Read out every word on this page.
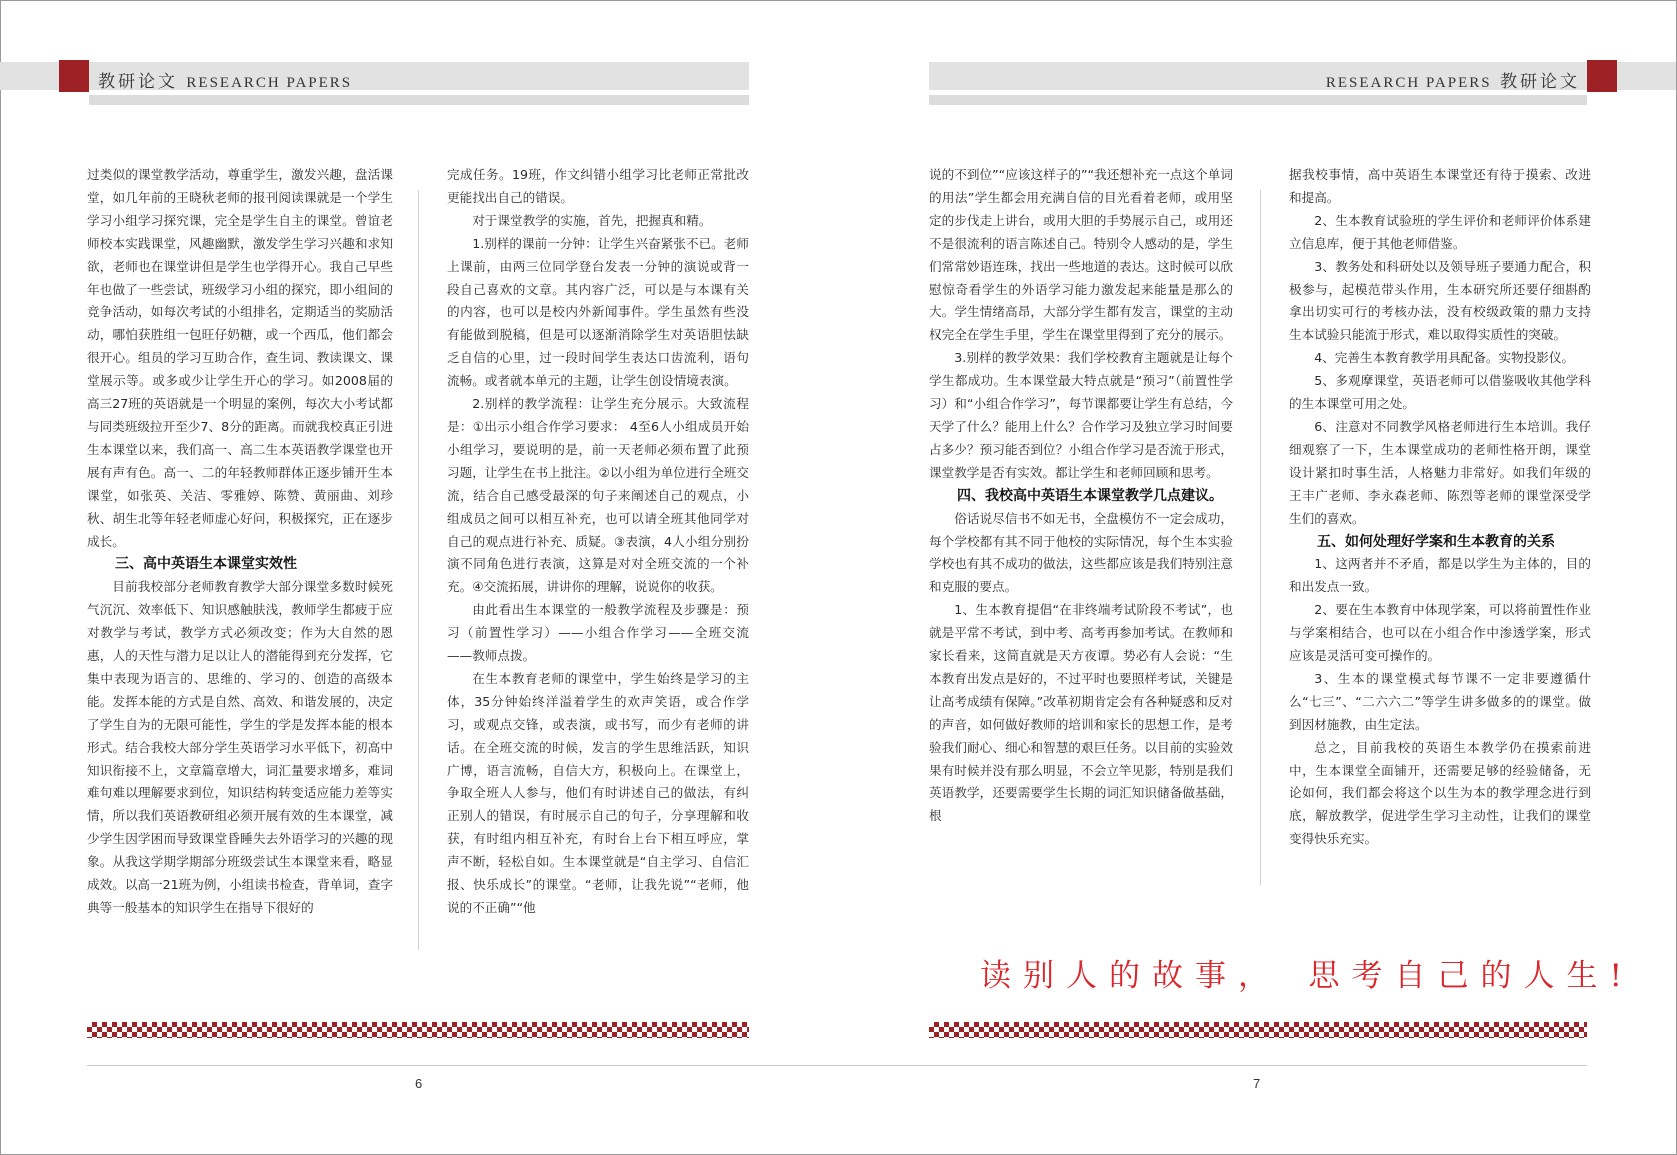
教研论文 RESEARCH PAPERS	RESEARCH PAPERS 教研论文

过类似的课堂教学活动，尊重学生，激发兴趣，盘活课堂，如几年前的王晓秋老师的报刊阅读课就是一个学生学习小组学习探究课，完全是学生自主的课堂。曾谊老师校本实践课堂，风趣幽默，激发学生学习兴趣和求知欲，老师也在课堂讲但是学生也学得开心。我自己早些年也做了一些尝试，班级学习小组的探究，即小组间的竞争活动，如每次考试的小组排名，定期适当的奖励活动，哪怕获胜组一包旺仔奶糖，或一个西瓜，他们都会很开心。组员的学习互助合作，查生词、教读课文、课堂展示等。或多或少让学生开心的学习。如2008届的高三27班的英语就是一个明显的案例，每次大小考试都与同类班级拉开至少7、8分的距离。而就我校真正引进生本课堂以来，我们高一、高二生本英语教学课堂也开展有声有色。高一、二的年轻教师群体正逐步铺开生本课堂，如张英、关洁、零雅婷、陈赞、黄丽曲、刘珍秋、胡生北等年轻老师虚心好问，积极探究，正在逐步成长。

三、高中英语生本课堂实效性

目前我校部分老师教育教学大部分课堂多数时候死气沉沉、效率低下、知识感触肤浅，教师学生都疲于应对教学与考试，教学方式必须改变；作为大自然的恩惠，人的天性与潜力足以让人的潜能得到充分发挥，它集中表现为语言的、思维的、学习的、创造的高级本能。发挥本能的方式是自然、高效、和谐发展的，决定了学生自为的无限可能性，学生的学是发挥本能的根本形式。结合我校大部分学生英语学习水平低下，初高中知识衔接不上，文章篇章增大，词汇量要求增多，难词难句难以理解要求到位，知识结构转变适应能力差等实情，所以我们英语教研组必须开展有效的生本课堂，减少学生因学困而导致课堂昏睡失去外语学习的兴趣的现象。从我这学期学期部分班级尝试生本课堂来看，略显成效。以高一21班为例，小组读书检查，背单词，查字典等一般基本的知识学生在指导下很好的

完成任务。19班，作文纠错小组学习比老师正常批改更能找出自己的错误。

对于课堂教学的实施，首先，把握真和精。

1.别样的课前一分钟：让学生兴奋紧张不已。老师上课前，由两三位同学登台发表一分钟的演说或背一段自己喜欢的文章。其内容广泛，可以是与本课有关的内容，也可以是校内外新闻事件。学生虽然有些没有能做到脱稿，但是可以逐渐消除学生对英语胆怯缺乏自信的心里，过一段时间学生表达口齿流利，语句流畅。或者就本单元的主题，让学生创设情境表演。

2.别样的教学流程：让学生充分展示。大致流程是：①出示小组合作学习要求： 4至6人小组成员开始小组学习，要说明的是，前一天老师必须布置了此预习题，让学生在书上批注。②以小组为单位进行全班交流，结合自己感受最深的句子来阐述自己的观点，小组成员之间可以相互补充，也可以请全班其他同学对自己的观点进行补充、质疑。③表演，4人小组分别扮演不同角色进行表演，这算是对对全班交流的一个补充。④交流拓展，讲讲你的理解，说说你的收获。

由此看出生本课堂的一般教学流程及步骤是：预习（前置性学习）——小组合作学习——全班交流——教师点拨。

在生本教育老师的课堂中，学生始终是学习的主体，35分钟始终洋溢着学生的欢声笑语，或合作学习，或观点交锋，或表演，或书写，而少有老师的讲话。在全班交流的时候，发言的学生思维活跃，知识广博，语言流畅，自信大方，积极向上。在课堂上，争取全班人人参与，他们有时讲述自己的做法，有纠正别人的错误，有时展示自己的句子，分享理解和收获，有时组内相互补充，有时台上台下相互呼应，掌声不断，轻松自如。生本课堂就是“自主学习、自信汇报、快乐成长”的课堂。“老师，让我先说”“老师，他说的不正确”“他

说的不到位”“应该这样子的”“我还想补充一点这个单词的用法”学生都会用充满自信的目光看着老师，或用坚定的步伐走上讲台，或用大胆的手势展示自己，或用还不是很流利的语言陈述自己。特别令人感动的是，学生们常常妙语连珠，找出一些地道的表达。这时候可以欣慰惊奇看学生的外语学习能力激发起来能量是那么的大。学生情绪高昂，大部分学生都有发言，课堂的主动权完全在学生手里，学生在课堂里得到了充分的展示。

3.别样的教学效果：我们学校教育主题就是让每个学生都成功。生本课堂最大特点就是“预习”（前置性学习）和“小组合作学习”，每节课都要让学生有总结，今天学了什么？能用上什么？合作学习及独立学习时间要占多少？预习能否到位？小组合作学习是否流于形式，课堂教学是否有实效。都让学生和老师回顾和思考。

四、我校高中英语生本课堂教学几点建议。

俗话说尽信书不如无书，全盘模仿不一定会成功，每个学校都有其不同于他校的实际情况，每个生本实验学校也有其不成功的做法，这些都应该是我们特别注意和克服的要点。

1、生本教育提倡“在非终端考试阶段不考试”，也就是平常不考试，到中考、高考再参加考试。在教师和家长看来，这简直就是天方夜谭。势必有人会说：“生本教育出发点是好的，不过平时也要照样考试，关键是让高考成绩有保障。”改革初期肯定会有各种疑惑和反对的声音，如何做好教师的培训和家长的思想工作，是考验我们耐心、细心和智慧的艰巨任务。以目前的实验效果有时候并没有那么明显，不会立竿见影，特别是我们英语教学，还要需要学生长期的词汇知识储备做基础，根

据我校事情，高中英语生本课堂还有待于摸索、改进和提高。

2、生本教育试验班的学生评价和老师评价体系建立信息库，便于其他老师借鉴。

3、教务处和科研处以及领导班子要通力配合，积极参与，起模范带头作用，生本研究所还要仔细斟酌拿出切实可行的考核办法，没有校级政策的鼎力支持生本试验只能流于形式，难以取得实质性的突破。

4、完善生本教育教学用具配备。实物投影仪。

5、多观摩课堂，英语老师可以借鉴吸收其他学科的生本课堂可用之处。

6、注意对不同教学风格老师进行生本培训。我仔细观察了一下，生本课堂成功的老师性格开朗，课堂设计紧扣时事生活，人格魅力非常好。如我们年级的王丰广老师、李永森老师、陈烈等老师的课堂深受学生们的喜欢。

五、如何处理好学案和生本教育的关系

1、这两者并不矛盾，都是以学生为主体的，目的和出发点一致。

2、要在生本教育中体现学案，可以将前置性作业与学案相结合，也可以在小组合作中渗透学案，形式应该是灵活可变可操作的。

3、生本的课堂模式每节课不一定非要遵循什么“七三”、“二六六二”等学生讲多做多的的课堂。做到因材施教，由生定法。

总之，目前我校的英语生本教学仍在摸索前进中，生本课堂全面铺开，还需要足够的经验储备，无论如何，我们都会将这个以生为本的教学理念进行到底，解放教学，促进学生学习主动性，让我们的课堂变得快乐充实。

读别人的故事，　思考自己的人生!
6	7
